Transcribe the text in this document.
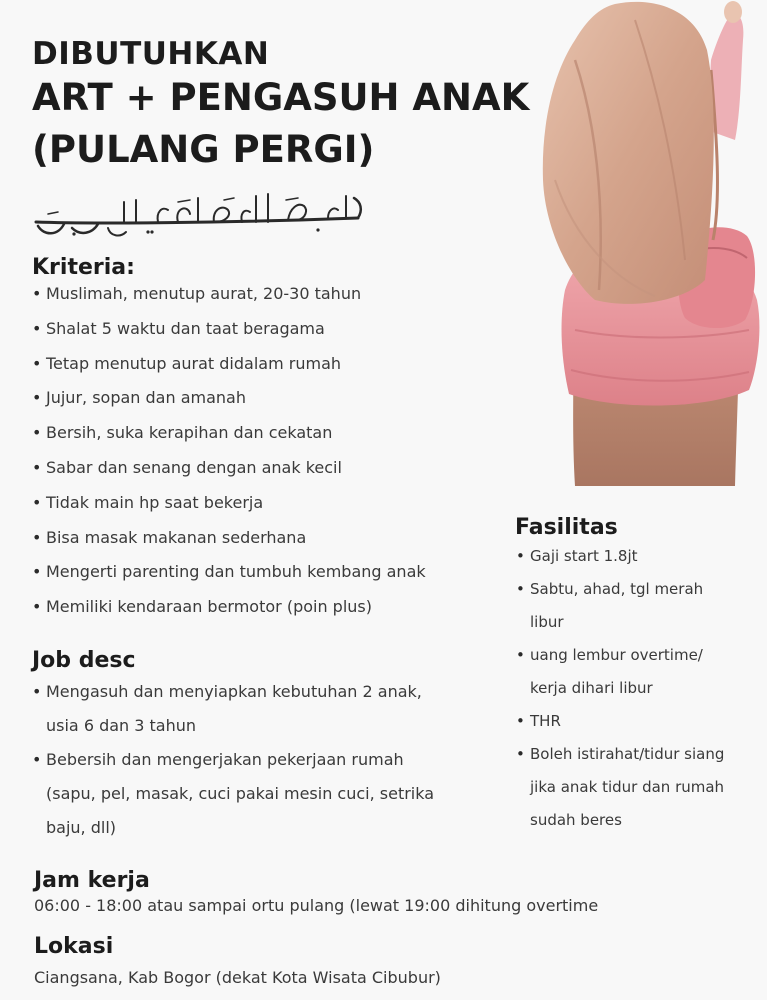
DIBUTUHKAN
ART + PENGASUH ANAK
(PULANG PERGI)
Kriteria:
• Muslimah, menutup aurat, 20-30 tahun
• Shalat 5 waktu dan taat beragama
• Tetap menutup aurat didalam rumah
• Jujur, sopan dan amanah
• Bersih, suka kerapihan dan cekatan
• Sabar dan senang dengan anak kecil
• Tidak main hp saat bekerja
• Bisa masak makanan sederhana
• Mengerti parenting dan tumbuh kembang anak
• Memiliki kendaraan bermotor (poin plus)
Job desc
• Mengasuh dan menyiapkan kebutuhan 2 anak,
usia 6 dan 3 tahun
• Bebersih dan mengerjakan pekerjaan rumah
(sapu, pel, masak, cuci pakai mesin cuci, setrika
baju, dll)
Fasilitas
• Gaji start 1.8jt
• Sabtu, ahad, tgl merah
libur
• uang lembur overtime/
kerja dihari libur
• THR
• Boleh istirahat/tidur siang
jika anak tidur dan rumah
sudah beres
Jam kerja
06:00 - 18:00 atau sampai ortu pulang (lewat 19:00 dihitung overtime
Lokasi
Ciangsana, Kab Bogor (dekat Kota Wisata Cibubur)
